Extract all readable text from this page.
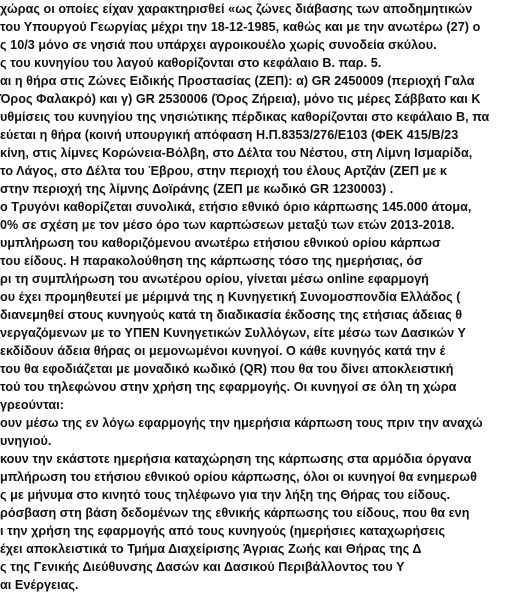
χώρας οι οποίες είχαν χαρακτηρισθεί «ως ζώνες διάβασης των αποδημητικών
του Υπουργού Γεωργίας μέχρι την 18-12-1985, καθώς και με την ανωτέρω (27) ο
ς 10/3 μόνο σε νησιά που υπάρχει αγροικουέλο χωρίς συνοδεία σκύλου.
ς του κυνηγίου του λαγού καθορίζονται στο κεφάλαιο Β. παρ. 5.
αι η θήρα στις Ζώνες Ειδικής Προστασίας (ΖΕΠ): α) GR 2450009 (περιοχή Γαλα
Όρος Φαλακρό) και γ) GR 2530006 (Όρος Ζήρεια), μόνο τις μέρες Σάββατο και Κ
υθμίσεις του κυνηγίου της νησιώτικης πέρδικας καθορίζονται στο κεφάλαιο Β, πα
εύεται η θήρα (κοινή υπουργική απόφαση Η.Π.8353/276/Ε103 (ΦΕΚ 415/Β/23
κίνη, στις λίμνες Κορώνεια-Βόλβη, στο Δέλτα του Νέστου, στη Λίμνη Ισμαρίδα,
το Λάγος, στο Δέλτα του Έβρου, στην περιοχή του έλους Αρτζάν (ΖΕΠ με κ
στην περιοχή της λίμνης Δοϊράνης (ΖΕΠ με κωδικό GR 1230003) .
ο Τρυγόνι καθορίζεται συνολικά, ετήσιο εθνικό όριο κάρπωσης 145.000 άτομα,
0% σε σχέση με τον μέσο όρο των καρπώσεων μεταξύ των ετών 2013-2018.
υμπλήρωση του καθοριζόμενου ανωτέρω ετήσιου εθνικού ορίου κάρπωσ
του είδους. Η παρακολούθηση της κάρπωσης τόσο της ημερήσιας, όσ
ρι τη συμπλήρωση του ανωτέρου ορίου, γίνεται μέσω online εφαρμογή
ου έχει προμηθευτεί με μέριμνά της η Κυνηγετική Συνομοσπονδία Ελλάδος (
διανεμηθεί στους κυνηγούς κατά τη διαδικασία έκδοσης της ετήσιας άδειας θ
νεργαζόμενων με το ΥΠΕΝ Κυνηγετικών Συλλόγων, είτε μέσω των Δασικών Υ
εκδίδουν άδεια θήρας οι μεμονωμένοι κυνηγοί. Ο κάθε κυνηγός κατά την έ
του θα εφοδιάζεται με μοναδικό κωδικό (QR) που θα του δίνει αποκλειστική
τού του τηλεφώνου στην χρήση της εφαρμογής. Οι κυνηγοί σε όλη τη χώρα
γρεούνται:
ουν μέσω της εν λόγω εφαρμογής την ημερήσια κάρπωση τους πριν την αναχώ
υνηγιού.
κουν την εκάστοτε ημερήσια καταχώρηση της κάρπωσης στα αρμόδια όργανα
μπλήρωση του ετήσιου εθνικού ορίου κάρπωσης, όλοι οι κυνηγοί θα ενημερωθ
ς με μήνυμα στο κινητό τους τηλέφωνο για την λήξη της Θήρας του είδους.
ρόσβαση στη βάση δεδομένων της εθνικής κάρπωσης του είδους, που θα ενη
ι την χρήση της εφαρμογής από τους κυνηγούς (ημερήσιες καταχωρήσεις
έχει αποκλειστικά το Τμήμα Διαχείρισης Άγριας Ζωής και Θήρας της Δ
ς της Γενικής Διεύθυνσης Δασών και Δασικού Περιβάλλοντος του Υ
αι Ενέργειας.
